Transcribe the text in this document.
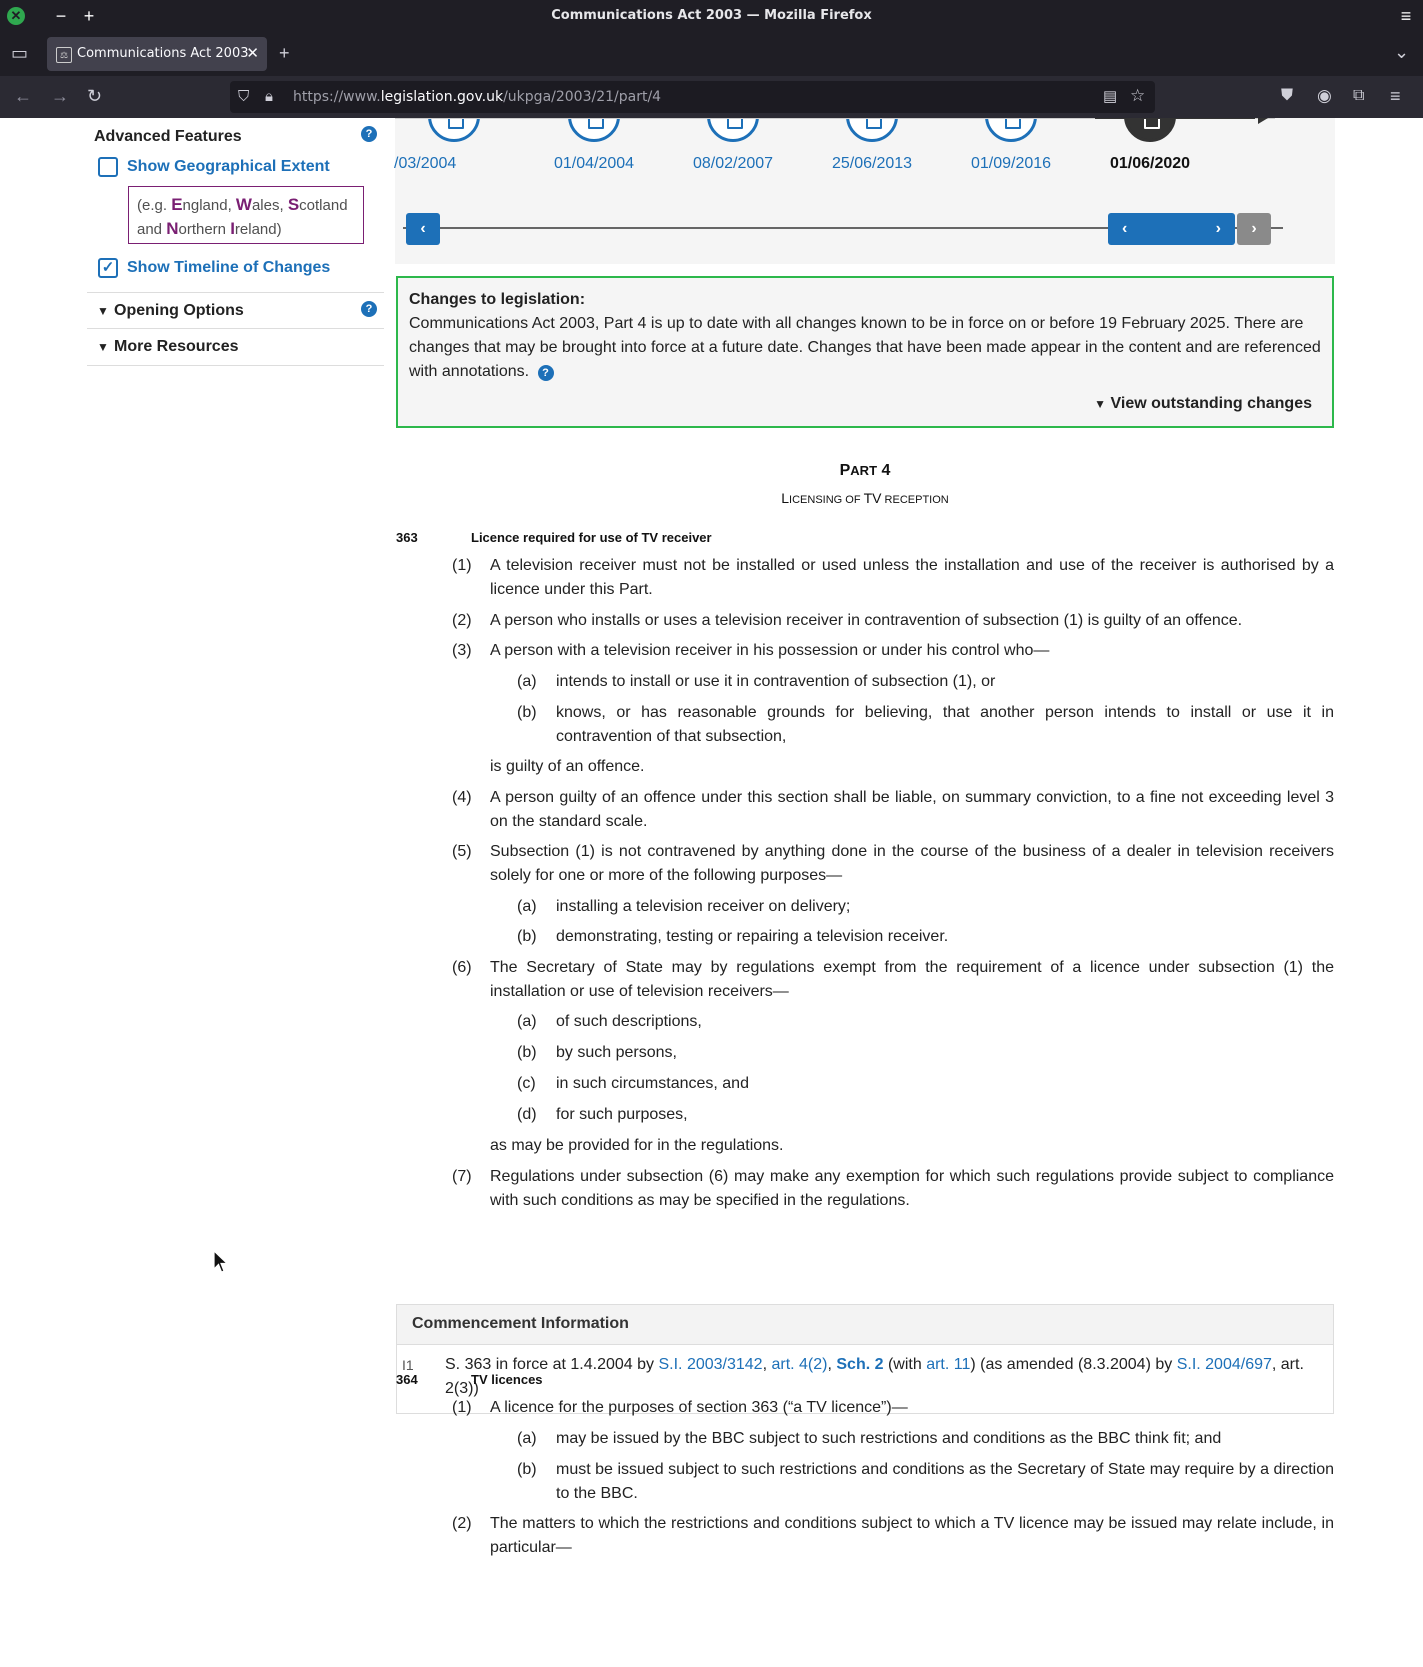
✕ − +	Communications Act 2003 — Mozilla Firefox	≡
▭	⚖ Communications Act 2003
✕ +	⌄
← → ↻	⛉ 🔒︎ https://www.legislation.gov.uk/ukpga/2003/21/part/4	▤ ☆	⛊ ◉ ⧉ ≡
Advanced Features	?
Show Geographical Extent
(e.g. England, Wales, Scotland
and Northern Ireland)
✓ Show Timeline of Changes
▼ Opening Options	?
▼ More Resources
/03/2004	01/04/2004	08/02/2007	25/06/2013	01/09/2016	01/06/2020
‹	‹	›	›
Changes to legislation:
Communications Act 2003, Part 4 is up to date with all changes known to be in force on or before 19 February 2025. There are changes that may be brought into force at a future date. Changes that have been made appear in the content and are referenced with annotations. ?
▼ View outstanding changes
PART 4
LICENSING OF TV RECEPTION
363	Licence required for use of TV receiver
(1) A television receiver must not be installed or used unless the installation and use of the receiver is authorised by a licence under this Part.
(2) A person who installs or uses a television receiver in contravention of subsection (1) is guilty of an offence.
(3) A person with a television receiver in his possession or under his control who—
(a) intends to install or use it in contravention of subsection (1), or
(b) knows, or has reasonable grounds for believing, that another person intends to install or use it in contravention of that subsection,
is guilty of an offence.
(4) A person guilty of an offence under this section shall be liable, on summary conviction, to a fine not exceeding level 3 on the standard scale.
(5) Subsection (1) is not contravened by anything done in the course of the business of a dealer in television receivers solely for one or more of the following purposes—
(a) installing a television receiver on delivery;
(b) demonstrating, testing or repairing a television receiver.
(6) The Secretary of State may by regulations exempt from the requirement of a licence under subsection (1) the installation or use of television receivers—
(a) of such descriptions,
(b) by such persons,
(c) in such circumstances, and
(d) for such purposes,
as may be provided for in the regulations.
(7) Regulations under subsection (6) may make any exemption for which such regulations provide subject to compliance with such conditions as may be specified in the regulations.
Commencement Information
I1 S. 363 in force at 1.4.2004 by S.I. 2003/3142, art. 4(2), Sch. 2 (with art. 11) (as amended (8.3.2004) by S.I. 2004/697, art. 2(3))
364	TV licences
(1) A licence for the purposes of section 363 (“a TV licence”)—
(a) may be issued by the BBC subject to such restrictions and conditions as the BBC think fit; and
(b) must be issued subject to such restrictions and conditions as the Secretary of State may require by a direction to the BBC.
(2) The matters to which the restrictions and conditions subject to which a TV licence may be issued may relate include, in particular—
